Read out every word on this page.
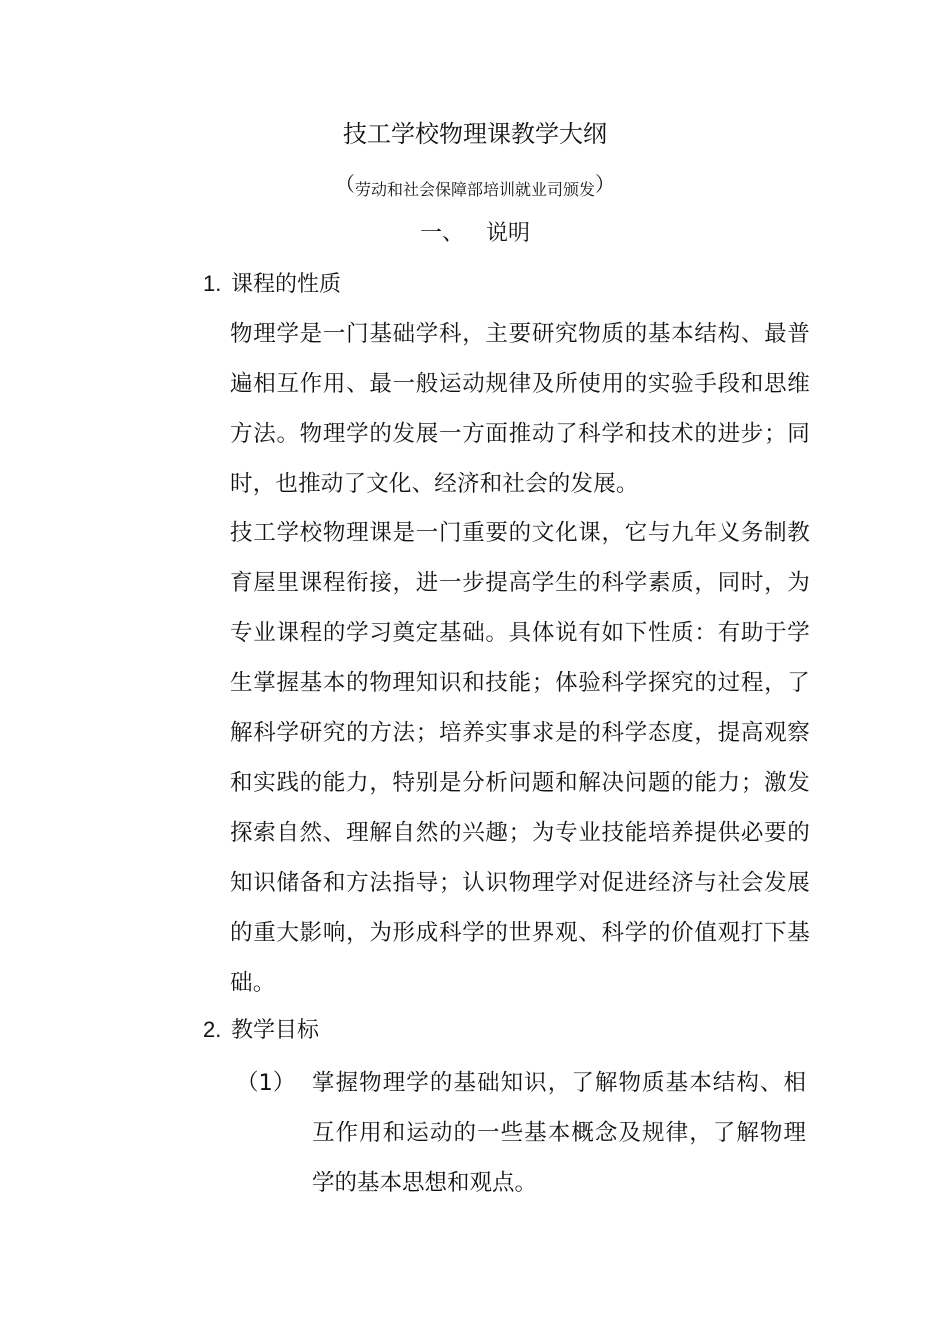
技工学校物理课教学大纲
（劳动和社会保障部培训就业司颁发）
一、 说明
1. 课程的性质
物理学是一门基础学科，主要研究物质的基本结构、最普遍相互作用、最一般运动规律及所使用的实验手段和思维方法。物理学的发展一方面推动了科学和技术的进步；同时，也推动了文化、经济和社会的发展。
技工学校物理课是一门重要的文化课，它与九年义务制教育屋里课程衔接，进一步提高学生的科学素质，同时，为专业课程的学习奠定基础。具体说有如下性质：有助于学生掌握基本的物理知识和技能；体验科学探究的过程，了解科学研究的方法；培养实事求是的科学态度，提高观察和实践的能力，特别是分析问题和解决问题的能力；激发探索自然、理解自然的兴趣；为专业技能培养提供必要的知识储备和方法指导；认识物理学对促进经济与社会发展的重大影响，为形成科学的世界观、科学的价值观打下基础。
2. 教学目标
（1） 掌握物理学的基础知识，了解物质基本结构、相互作用和运动的一些基本概念及规律，了解物理学的基本思想和观点。
